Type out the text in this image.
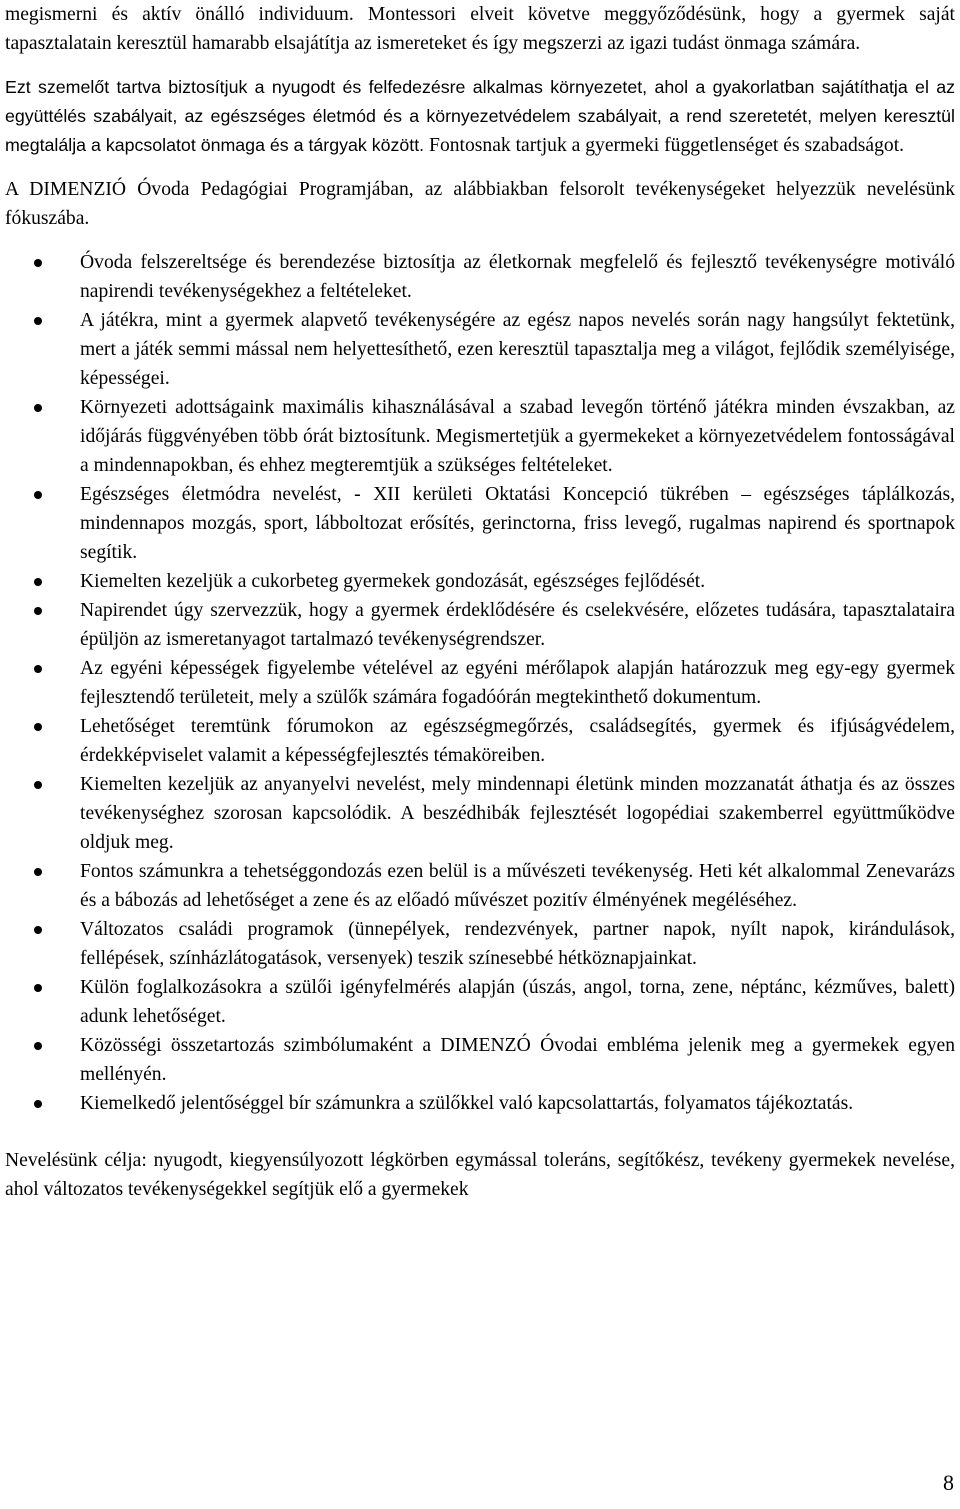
megismerni és aktív önálló individuum. Montessori elveit követve meggyőződésünk, hogy a gyermek saját tapasztalatain keresztül hamarabb elsajátítja az ismereteket és így megszerzi az igazi tudást önmaga számára.

Ezt szemelőt tartva biztosítjuk a nyugodt és felfedezésre alkalmas környezetet, ahol a gyakorlatban sajátíthatja el az együttélés szabályait, az egészséges életmód és a környezetvédelem szabályait, a rend szeretetét, melyen keresztül megtalálja a kapcsolatot önmaga és a tárgyak között. Fontosnak tartjuk a gyermeki függetlenséget és szabadságot.

A DIMENZIÓ Óvoda Pedagógiai Programjában, az alábbiakban felsorolt tevékenységeket helyezzük nevelésünk fókuszába.

Óvoda felszereltsége és berendezése biztosítja az életkornak megfelelő és fejlesztő tevékenységre motiváló napirendi tevékenységekhez a feltételeket.
A játékra, mint a gyermek alapvető tevékenységére az egész napos nevelés során nagy hangsúlyt fektetünk, mert a játék semmi mással nem helyettesíthető, ezen keresztül tapasztalja meg a világot, fejlődik személyisége, képességei.
Környezeti adottságaink maximális kihasználásával a szabad levegőn történő játékra minden évszakban, az időjárás függvényében több órát biztosítunk. Megismertetjük a gyermekeket a környezetvédelem fontosságával a mindennapokban, és ehhez megteremtjük a szükséges feltételeket.
Egészséges életmódra nevelést, - XII kerületi Oktatási Koncepció tükrében – egészséges táplálkozás, mindennapos mozgás, sport, lábboltozat erősítés, gerinctorna, friss levegő, rugalmas napirend és sportnapok segítik.
Kiemelten kezeljük a cukorbeteg gyermekek gondozását, egészséges fejlődését.
Napirendet úgy szervezzük, hogy a gyermek érdeklődésére és cselekvésére, előzetes tudására, tapasztalataira épüljön az ismeretanyagot tartalmazó tevékenységrendszer.
Az egyéni képességek figyelembe vételével az egyéni mérőlapok alapján határozzuk meg egy-egy gyermek fejlesztendő területeit, mely a szülők számára fogadóórán megtekinthető dokumentum.
Lehetőséget teremtünk fórumokon az egészségmegőrzés, családsegítés, gyermek és ifjúságvédelem, érdekképviselet valamit a képességfejlesztés témaköreiben.
Kiemelten kezeljük az anyanyelvi nevelést, mely mindennapi életünk minden mozzanatát áthatja és az összes tevékenységhez szorosan kapcsolódik. A beszédhibák fejlesztését logopédiai szakemberrel együttműködve oldjuk meg.
Fontos számunkra a tehetséggondozás ezen belül is a művészeti tevékenység. Heti két alkalommal Zenevarázs és a bábozás ad lehetőséget a zene és az előadó művészet pozitív élményének megéléséhez.
Változatos családi programok (ünnepélyek, rendezvények, partner napok, nyílt napok, kirándulások, fellépések, színházlátogatások, versenyek) teszik színesebbé hétköznapjainkat.
Külön foglalkozásokra a szülői igényfelmérés alapján (úszás, angol, torna, zene, néptánc, kézműves, balett) adunk lehetőséget.
Közösségi összetartozás szimbólumaként a DIMENZÓ Óvodai embléma jelenik meg a gyermekek egyen mellényén.
Kiemelkedő jelentőséggel bír számunkra a szülőkkel való kapcsolattartás, folyamatos tájékoztatás.

Nevelésünk célja: nyugodt, kiegyensúlyozott légkörben egymással toleráns, segítőkész, tevékeny gyermekek nevelése, ahol változatos tevékenységekkel segítjük elő a gyermekek

8
